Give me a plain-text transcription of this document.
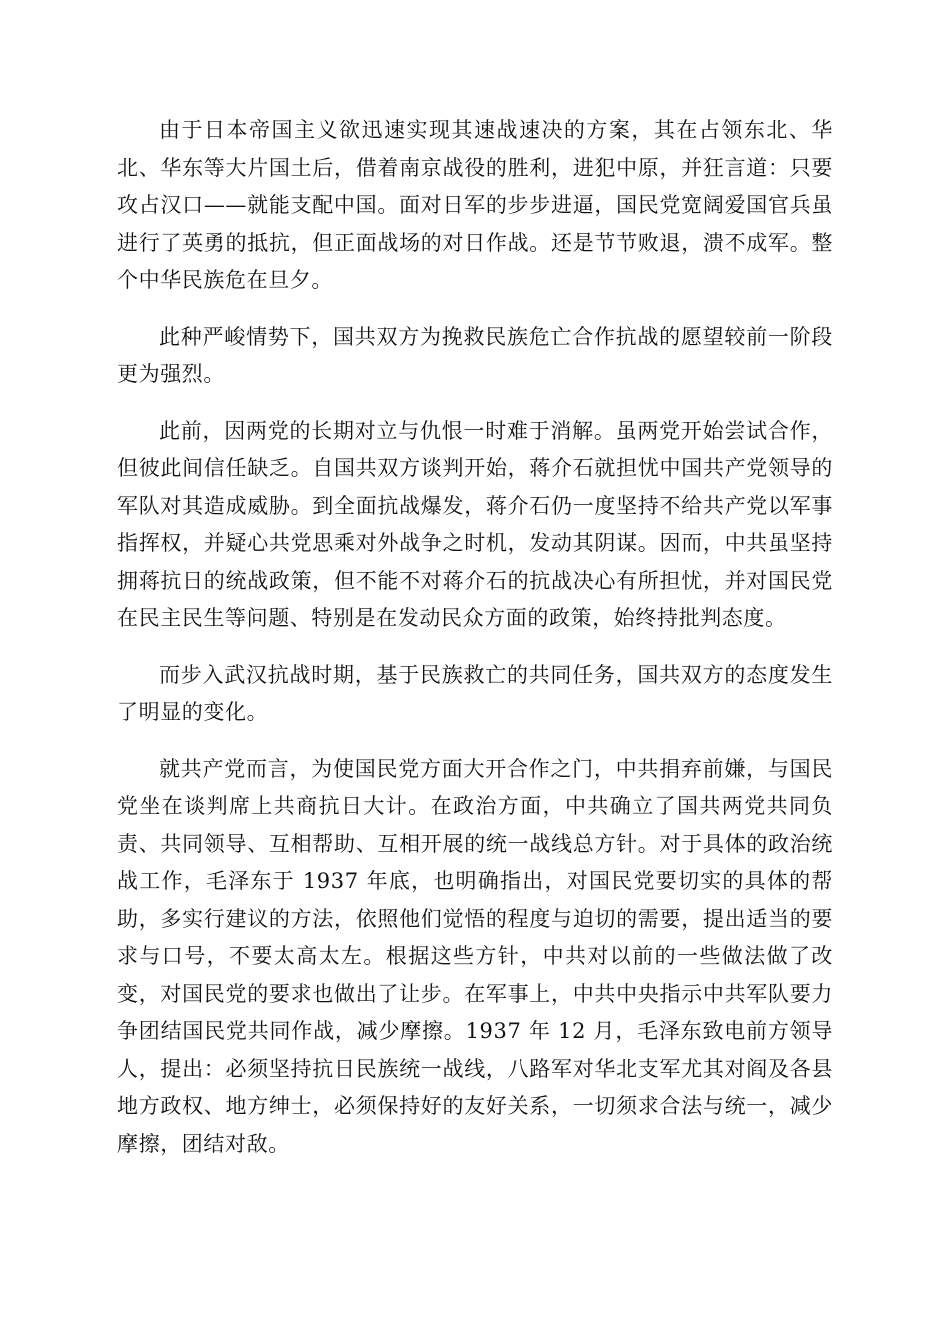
由于日本帝国主义欲迅速实现其速战速决的方案，其在占领东北、华北、华东等大片国土后，借着南京战役的胜利，进犯中原，并狂言道：只要攻占汉口——就能支配中国。面对日军的步步进逼，国民党宽阔爱国官兵虽进行了英勇的抵抗，但正面战场的对日作战。还是节节败退，溃不成军。整个中华民族危在旦夕。

此种严峻情势下，国共双方为挽救民族危亡合作抗战的愿望较前一阶段更为强烈。

此前，因两党的长期对立与仇恨一时难于消解。虽两党开始尝试合作，但彼此间信任缺乏。自国共双方谈判开始，蒋介石就担忧中国共产党领导的军队对其造成威胁。到全面抗战爆发，蒋介石仍一度坚持不给共产党以军事指挥权，并疑心共党思乘对外战争之时机，发动其阴谋。因而，中共虽坚持拥蒋抗日的统战政策，但不能不对蒋介石的抗战决心有所担忧，并对国民党在民主民生等问题、特别是在发动民众方面的政策，始终持批判态度。

而步入武汉抗战时期，基于民族救亡的共同任务，国共双方的态度发生了明显的变化。

就共产党而言，为使国民党方面大开合作之门，中共捐弃前嫌，与国民党坐在谈判席上共商抗日大计。在政治方面，中共确立了国共两党共同负责、共同领导、互相帮助、互相开展的统一战线总方针。对于具体的政治统战工作，毛泽东于 1937 年底，也明确指出，对国民党要切实的具体的帮助，多实行建议的方法，依照他们觉悟的程度与迫切的需要，提出适当的要求与口号，不要太高太左。根据这些方针，中共对以前的一些做法做了改变，对国民党的要求也做出了让步。在军事上，中共中央指示中共军队要力争团结国民党共同作战，减少摩擦。1937 年 12 月，毛泽东致电前方领导人，提出：必须坚持抗日民族统一战线，八路军对华北支军尤其对阎及各县地方政权、地方绅士，必须保持好的友好关系，一切须求合法与统一，减少摩擦，团结对敌。
